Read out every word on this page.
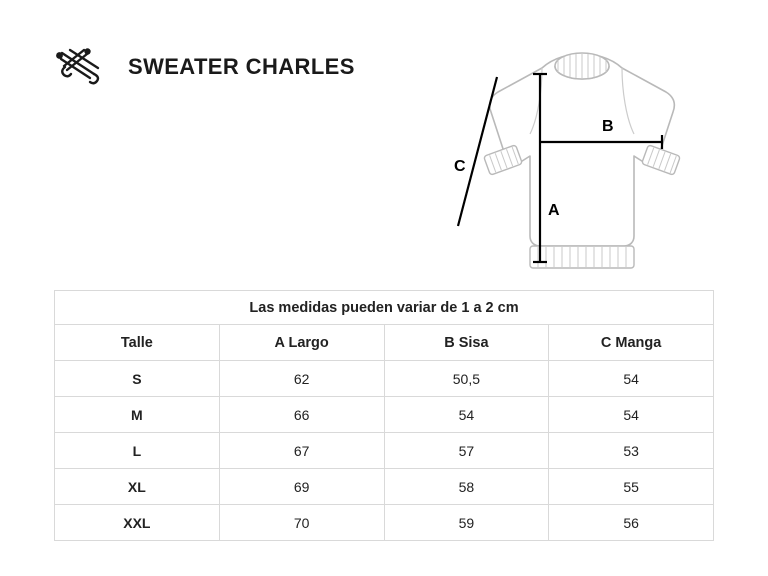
SWEATER CHARLES
A
B
C
Las medidas pueden variar de 1 a 2 cm			
Talle	A Largo	B Sisa	C Manga
S	62	50,5	54
M	66	54	54
L	67	57	53
XL	69	58	55
XXL	70	59	56
